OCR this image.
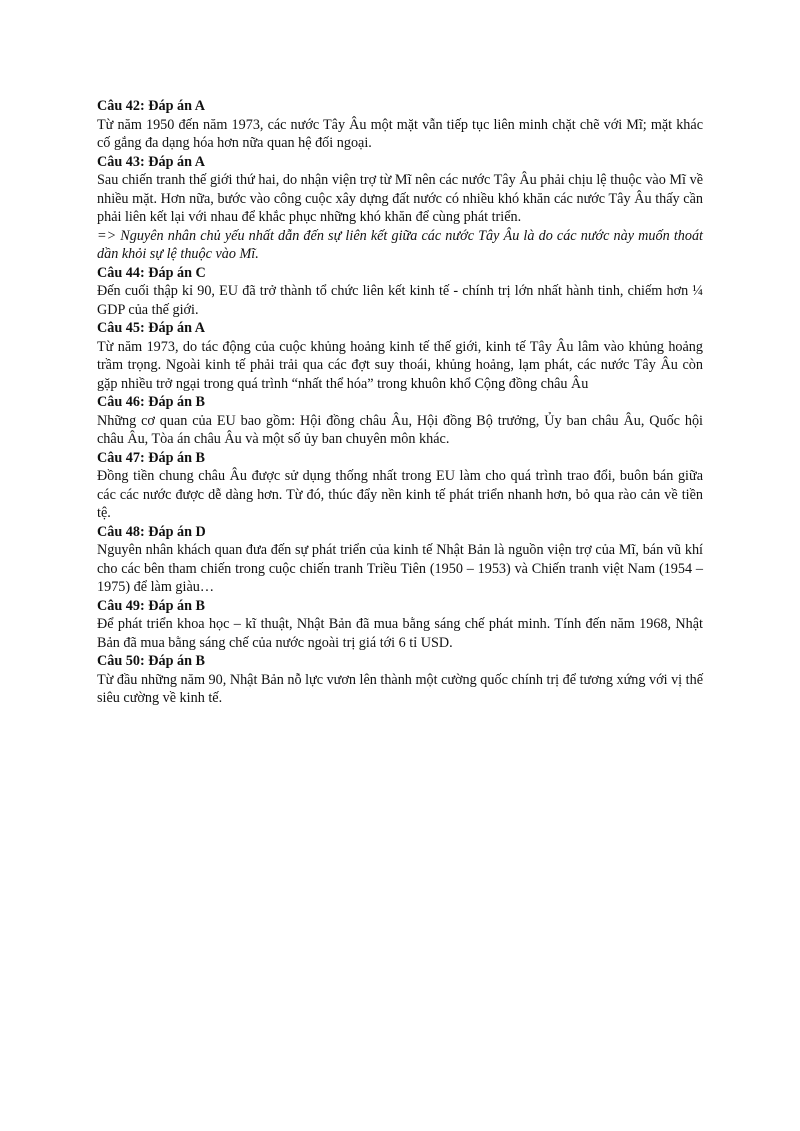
Câu 42: Đáp án A

Từ năm 1950 đến năm 1973, các nước Tây Âu một mặt vẫn tiếp tục liên minh chặt chẽ với Mĩ; mặt khác cố gắng đa dạng hóa hơn nữa quan hệ đối ngoại.

Câu 43: Đáp án A

Sau chiến tranh thế giới thứ hai, do nhận viện trợ từ Mĩ nên các nước Tây Âu phải chịu lệ thuộc vào Mĩ về nhiều mặt. Hơn nữa, bước vào công cuộc xây dựng đất nước có nhiều khó khăn các nước Tây Âu thấy cần phải liên kết lại với nhau để khắc phục những khó khăn để cùng phát triển.

=> Nguyên nhân chủ yếu nhất dẫn đến sự liên kết giữa các nước Tây Âu là do các nước này muốn thoát dần khỏi sự lệ thuộc vào Mĩ.

Câu 44: Đáp án C

Đến cuối thập kỉ 90, EU đã trở thành tổ chức liên kết kinh tế - chính trị lớn nhất hành tinh, chiếm hơn ¼ GDP của thế giới.

Câu 45: Đáp án A

Từ năm 1973, do tác động của cuộc khủng hoảng kinh tế thế giới, kinh tế Tây Âu lâm vào khủng hoảng trầm trọng. Ngoài kinh tế phải trải qua các đợt suy thoái, khủng hoảng, lạm phát, các nước Tây Âu còn gặp nhiều trở ngại trong quá trình “nhất thể hóa” trong khuôn khổ Cộng đồng châu Âu

Câu 46: Đáp án B

Những cơ quan của EU bao gồm: Hội đồng châu Âu, Hội đồng Bộ trưởng, Ủy ban châu Âu, Quốc hội châu Âu, Tòa án châu Âu và một số ủy ban chuyên môn khác.

Câu 47: Đáp án B

Đồng tiền chung châu Âu được sử dụng thống nhất trong EU làm cho quá trình trao đổi, buôn bán giữa các các nước được dễ dàng hơn. Từ đó, thúc đẩy nền kinh tế phát triển nhanh hơn, bỏ qua rào cản về tiền tệ.

Câu 48: Đáp án D

Nguyên nhân khách quan đưa đến sự phát triển của kinh tế Nhật Bản là nguồn viện trợ của Mĩ, bán vũ khí cho các bên tham chiến trong cuộc chiến tranh Triều Tiên (1950 – 1953) và Chiến tranh việt Nam (1954 – 1975) để làm giàu…

Câu 49: Đáp án B

Để phát triển khoa học – kĩ thuật, Nhật Bản đã mua bằng sáng chế phát minh. Tính đến năm 1968, Nhật Bản đã mua bằng sáng chế của nước ngoài trị giá tới 6 tỉ USD.

Câu 50: Đáp án B

Từ đầu những năm 90, Nhật Bản nỗ lực vươn lên thành một cường quốc chính trị để tương xứng với vị thế siêu cường về kinh tế.
